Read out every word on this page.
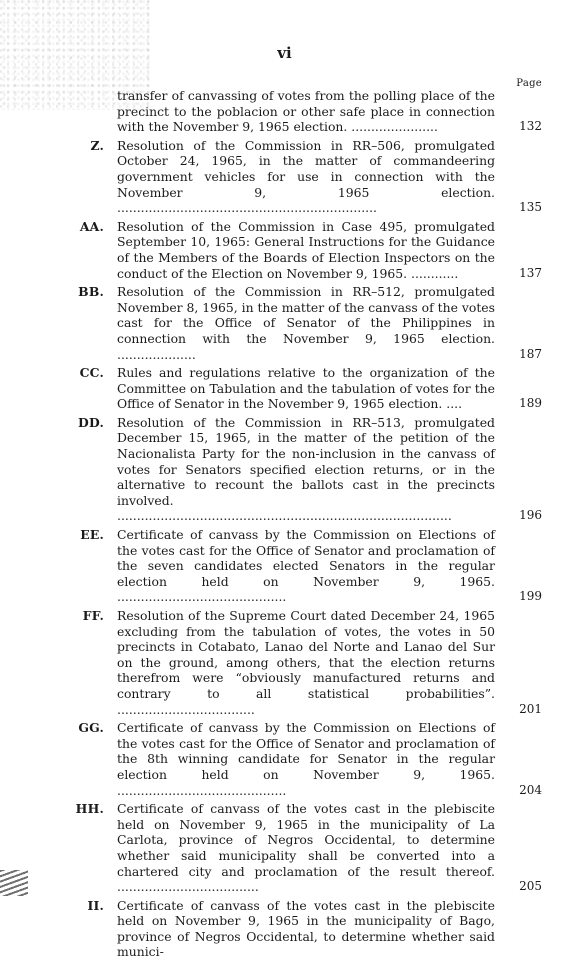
vi
Page
transfer of canvassing of votes from the polling place of the precinct to the poblacion or other safe place in connection with the November 9, 1965 election. ......................	132
Z. Resolution of the Commission in RR–506, promulgated October 24, 1965, in the matter of commandeering government vehicles for use in connection with the November 9, 1965 election. ..................................................................	135
AA. Resolution of the Commission in Case 495, promulgated September 10, 1965: General Instructions for the Guidance of the Members of the Boards of Election Inspectors on the conduct of the Election on November 9, 1965. ............	137
BB. Resolution of the Commission in RR–512, promulgated November 8, 1965, in the matter of the canvass of the votes cast for the Office of Senator of the Philippines in connection with the November 9, 1965 election. ....................	187
CC. Rules and regulations relative to the organization of the Committee on Tabulation and the tabulation of votes for the Office of Senator in the November 9, 1965 election. ....	189
DD. Resolution of the Commission in RR–513, promulgated December 15, 1965, in the matter of the petition of the Nacionalista Party for the non-inclusion in the canvass of votes for Senators specified election returns, or in the alternative to recount the ballots cast in the precincts involved. .....................................................................................	196
EE. Certificate of canvass by the Commission on Elections of the votes cast for the Office of Senator and proclamation of the seven candidates elected Senators in the regular election held on November 9, 1965. ...........................................	199
FF. Resolution of the Supreme Court dated December 24, 1965 excluding from the tabulation of votes, the votes in 50 precincts in Cotabato, Lanao del Norte and Lanao del Sur on the ground, among others, that the election returns therefrom were “obviously manufactured returns and contrary to all statistical probabilities”. ...................................	201
GG. Certificate of canvass by the Commission on Elections of the votes cast for the Office of Senator and proclamation of the 8th winning candidate for Senator in the regular election held on November 9, 1965. ...........................................	204
HH. Certificate of canvass of the votes cast in the plebiscite held on November 9, 1965 in the municipality of La Carlota, province of Negros Occidental, to determine whether said municipality shall be converted into a chartered city and proclamation of the result thereof. ....................................	205
II. Certificate of canvass of the votes cast in the plebiscite held on November 9, 1965 in the municipality of Bago, province of Negros Occidental, to determine whether said munici-
